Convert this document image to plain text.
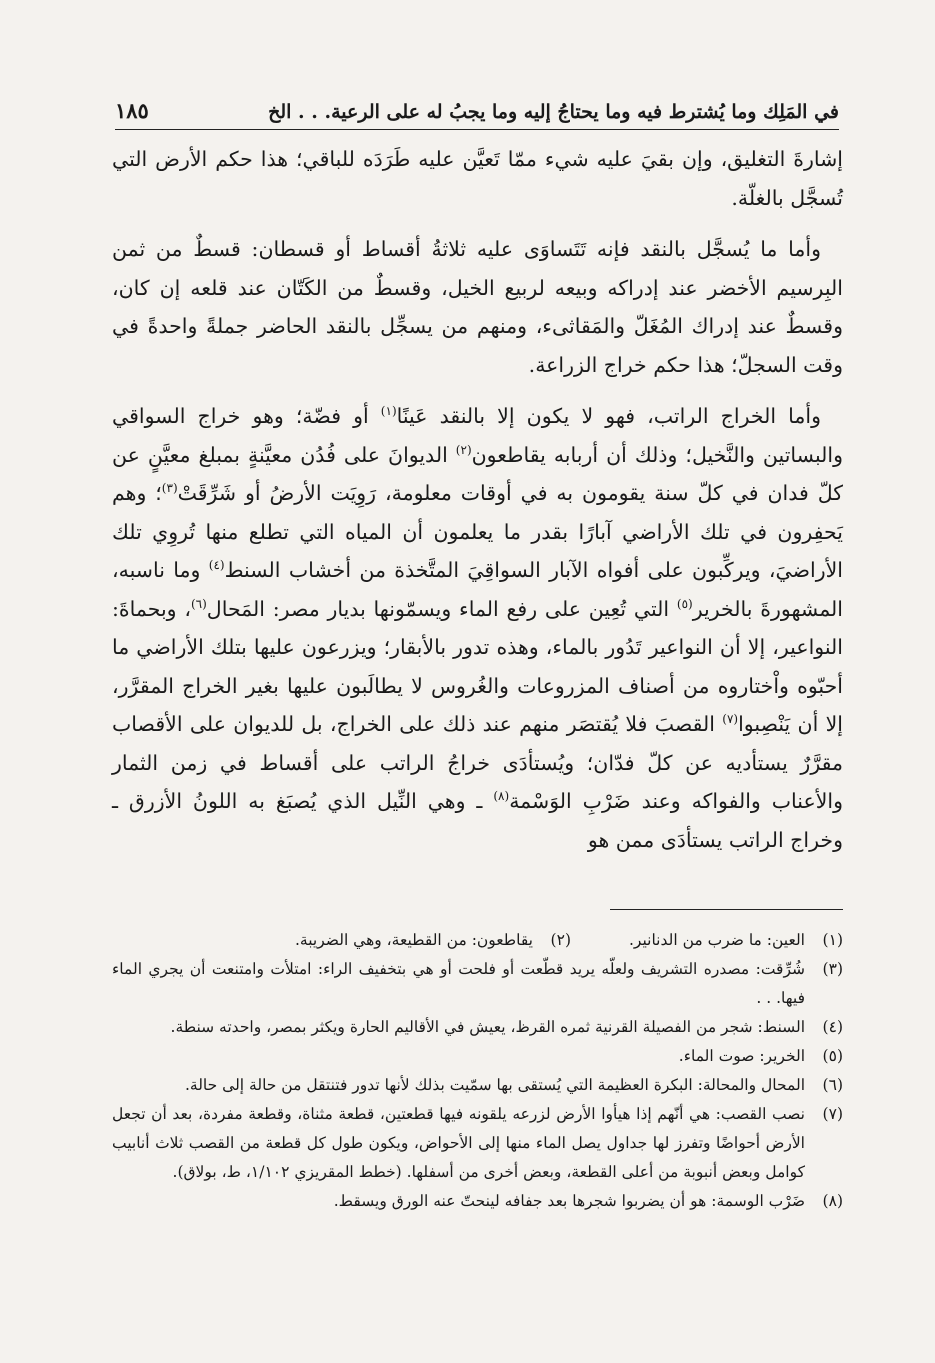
في المَلِك وما يُشترط فيه وما يحتاجُ إليه وما يجبُ له على الرعية. . . الخ
١٨٥

إشارةَ التغليق، وإن بقيَ عليه شيء ممّا تَعيَّن عليه طَرَدَه للباقي؛ هذا حكم الأرض التي تُسجَّل بالغلّة.

وأما ما يُسجَّل بالنقد فإنه تَتَساوَى عليه ثلاثةُ أقساط أو قسطان: قسطٌ من ثمن البِرسيم الأخضر عند إدراكه وبيعه لربيع الخيل، وقسطٌ من الكَتّان عند قلعه إن كان، وقسطٌ عند إدراك المُغَلّ والمَقاثىء، ومنهم من يسجِّل بالنقد الحاضر جملةً واحدةً في وقت السجلّ؛ هذا حكم خراج الزراعة.

وأما الخراج الراتب، فهو لا يكون إلا بالنقد عَينًا$^{(١)}$ أو فضّة؛ وهو خراج السواقي والبساتين والنَّخيل؛ وذلك أن أربابه يقاطعون$^{(٢)}$ الديوانَ على فُدُن معيَّنةٍ بمبلغ معيَّنٍ عن كلّ فدان في كلّ سنة يقومون به في أوقات معلومة، رَوِيَت الأرضُ أو شَرِّقَتْ$^{(٣)}$؛ وهم يَحفِرون في تلك الأراضي آبارًا بقدر ما يعلمون أن المياه التي تطلع منها تُروِي تلك الأراضيَ، ويركِّبون على أفواه الآبار السواقِيَ المتَّخذة من أخشاب السنط$^{(٤)}$ وما ناسبه، المشهورةَ بالخرير$^{(٥)}$ التي تُعِين على رفع الماء ويسمّونها بديار مصر: المَحال$^{(٦)}$، وبحماةَ: النواعير، إلا أن النواعير تَدُور بالماء، وهذه تدور بالأبقار؛ ويزرعون عليها بتلك الأراضي ما أحبّوه واْختاروه من أصناف المزروعات والغُروس لا يطالَبون عليها بغير الخراج المقرَّر، إلا أن يَنْصِبوا$^{(٧)}$ القصبَ فلا يُقتصَر منهم عند ذلك على الخراج، بل للديوان على الأقصاب مقرَّرٌ يستأديه عن كلّ فدّان؛ ويُستأدَى خراجُ الراتب على أقساط في زمن الثمار والأعناب والفواكه وعند ضَرْبِ الوَسْمة$^{(٨)}$ ـ وهي النِّيل الذي يُصبَغ به اللونُ الأزرق ـ وخراج الراتب يستأدَى ممن هو

(١)
العين: ما ضرب من الدنانير.
(٢)
يقاطعون: من القطيعة، وهي الضريبة.
(٣)
شُرِّقت: مصدره التشريف ولعلّه يريد قطّعت أو فلحت أو هي بتخفيف الراء: امتلأت وامتنعت أن يجري الماء فيها. . .
(٤)
السنط: شجر من الفصيلة القرنية ثمره القرظ، يعيش في الأقاليم الحارة ويكثر بمصر، واحدته سنطة.
(٥)
الخرير: صوت الماء.
(٦)
المحال والمحالة: البكرة العظيمة التي يُستقى بها سمّيت بذلك لأنها تدور فتنتقل من حالة إلى حالة.
(٧)
نصب القصب: هي أنّهم إذا هيأوا الأرض لزرعه يلقونه فيها قطعتين، قطعة مثناة، وقطعة مفردة، بعد أن تجعل الأرض أحواضًا وتفرز لها جداول يصل الماء منها إلى الأحواض، ويكون طول كل قطعة من القصب ثلاث أنابيب كوامل وبعض أنبوبة من أعلى القطعة، وبعض أخرى من أسفلها. (خطط المقريزي ١/١٠٢، ط، بولاق).
(٨)
ضَرْب الوسمة: هو أن يضربوا شجرها بعد جفافه لينحتّ عنه الورق ويسقط.
